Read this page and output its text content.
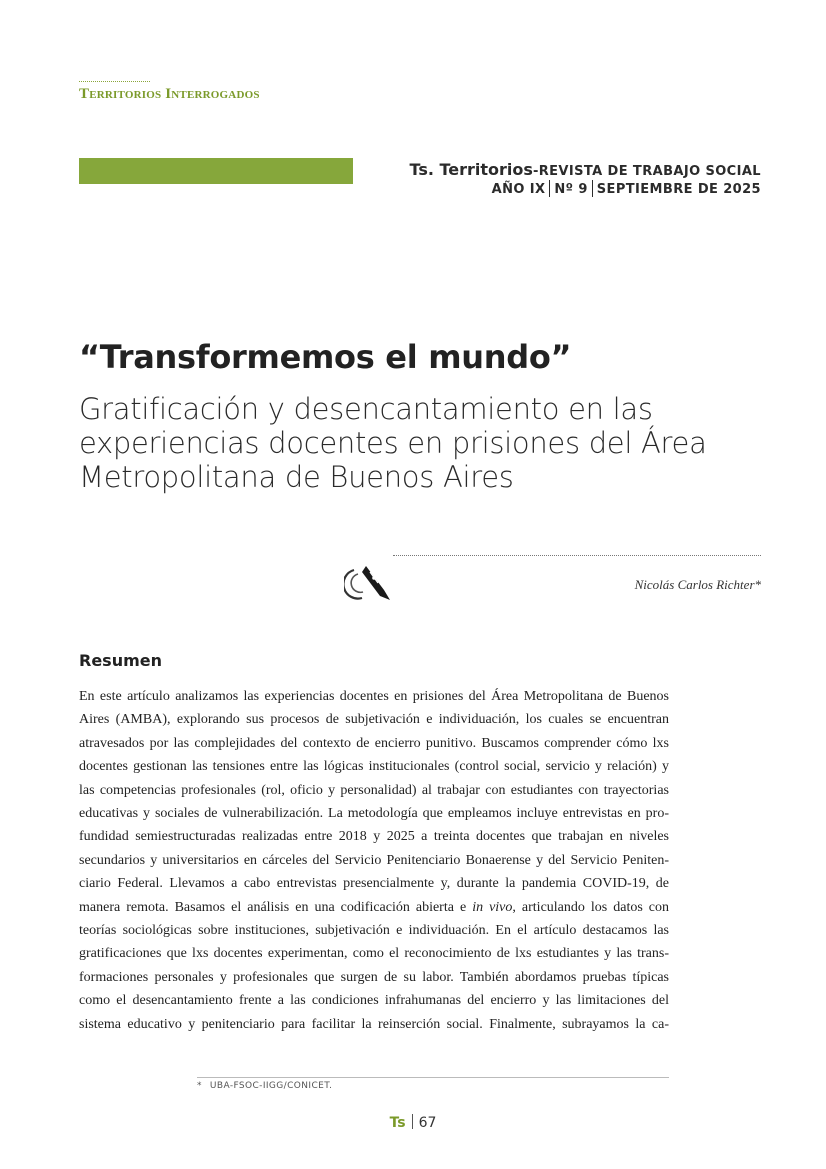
Territorios Interrogados
Ts. Territorios-REVISTA DE TRABAJO SOCIAL
AÑO IX Nº 9 SEPTIEMBRE DE 2025
“Transformemos el mundo”
Gratificación y desencantamiento en las experiencias docentes en prisiones del Área Metropolitana de Buenos Aires
Nicolás Carlos Richter*
Resumen
En este artículo analizamos las experiencias docentes en prisiones del Área Metropolitana de Buenos
Aires (AMBA), explorando sus procesos de subjetivación e individuación, los cuales se encuentran
atravesados por las complejidades del contexto de encierro punitivo. Buscamos comprender cómo lxs
docentes gestionan las tensiones entre las lógicas institucionales (control social, servicio y relación) y
las competencias profesionales (rol, oficio y personalidad) al trabajar con estudiantes con trayectorias
educativas y sociales de vulnerabilización. La metodología que empleamos incluye entrevistas en pro-
fundidad semiestructuradas realizadas entre 2018 y 2025 a treinta docentes que trabajan en niveles
secundarios y universitarios en cárceles del Servicio Penitenciario Bonaerense y del Servicio Peniten-
ciario Federal. Llevamos a cabo entrevistas presencialmente y, durante la pandemia COVID-19, de
manera remota. Basamos el análisis en una codificación abierta e in vivo, articulando los datos con
teorías sociológicas sobre instituciones, subjetivación e individuación. En el artículo destacamos las
gratificaciones que lxs docentes experimentan, como el reconocimiento de lxs estudiantes y las trans-
formaciones personales y profesionales que surgen de su labor. También abordamos pruebas típicas
como el desencantamiento frente a las condiciones infrahumanas del encierro y las limitaciones del
sistema educativo y penitenciario para facilitar la reinserción social. Finalmente, subrayamos la ca-
* UBA-FSOC-IIGG/CONICET.
Ts 67
